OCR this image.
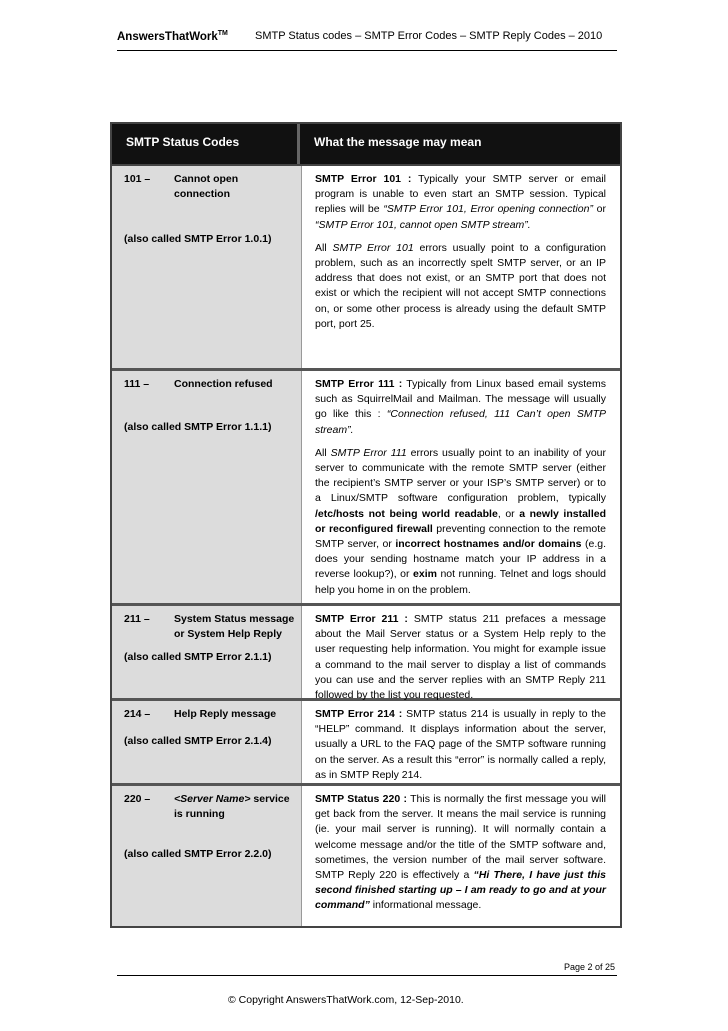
AnswersThatWork™ SMTP Status codes – SMTP Error Codes – SMTP Reply Codes – 2010
SMTP Status Codes	What the message may mean
101 –	Cannot open connection
(also called SMTP Error 1.0.1)

SMTP Error 101 : Typically your SMTP server or email program is unable to even start an SMTP session. Typical replies will be “SMTP Error 101, Error opening connection” or “SMTP Error 101, cannot open SMTP stream”.

All SMTP Error 101 errors usually point to a configuration problem, such as an incorrectly spelt SMTP server, or an IP address that does not exist, or an SMTP port that does not exist or which the recipient will not accept SMTP connections on, or some other process is already using the default SMTP port, port 25.

111 –	Connection refused
(also called SMTP Error 1.1.1)

SMTP Error 111 : Typically from Linux based email systems such as SquirrelMail and Mailman. The message will usually go like this : “Connection refused, 111 Can’t open SMTP stream”.

All SMTP Error 111 errors usually point to an inability of your server to communicate with the remote SMTP server (either the recipient’s SMTP server or your ISP’s SMTP server) or to a Linux/SMTP software configuration problem, typically /etc/hosts not being world readable, or a newly installed or reconfigured firewall preventing connection to the remote SMTP server, or incorrect hostnames and/or domains (e.g. does your sending hostname match your IP address in a reverse lookup?), or exim not running. Telnet and logs should help you home in on the problem.

211 –	System Status message or System Help Reply
(also called SMTP Error 2.1.1)

SMTP Error 211 : SMTP status 211 prefaces a message about the Mail Server status or a System Help reply to the user requesting help information. You might for example issue a command to the mail server to display a list of commands you can use and the server replies with an SMTP Reply 211 followed by the list you requested.

214 –	Help Reply message
(also called SMTP Error 2.1.4)

SMTP Error 214 : SMTP status 214 is usually in reply to the “HELP” command. It displays information about the server, usually a URL to the FAQ page of the SMTP software running on the server. As a result this “error” is normally called a reply, as in SMTP Reply 214.

220 –	<Server Name> service is running
(also called SMTP Error 2.2.0)

SMTP Status 220 : This is normally the first message you will get back from the server. It means the mail service is running (ie. your mail server is running). It will normally contain a welcome message and/or the title of the SMTP software and, sometimes, the version number of the mail server software. SMTP Reply 220 is effectively a “Hi There, I have just this second finished starting up – I am ready to go and at your command” informational message.

Page 2 of 25
© Copyright AnswersThatWork.com, 12-Sep-2010.
